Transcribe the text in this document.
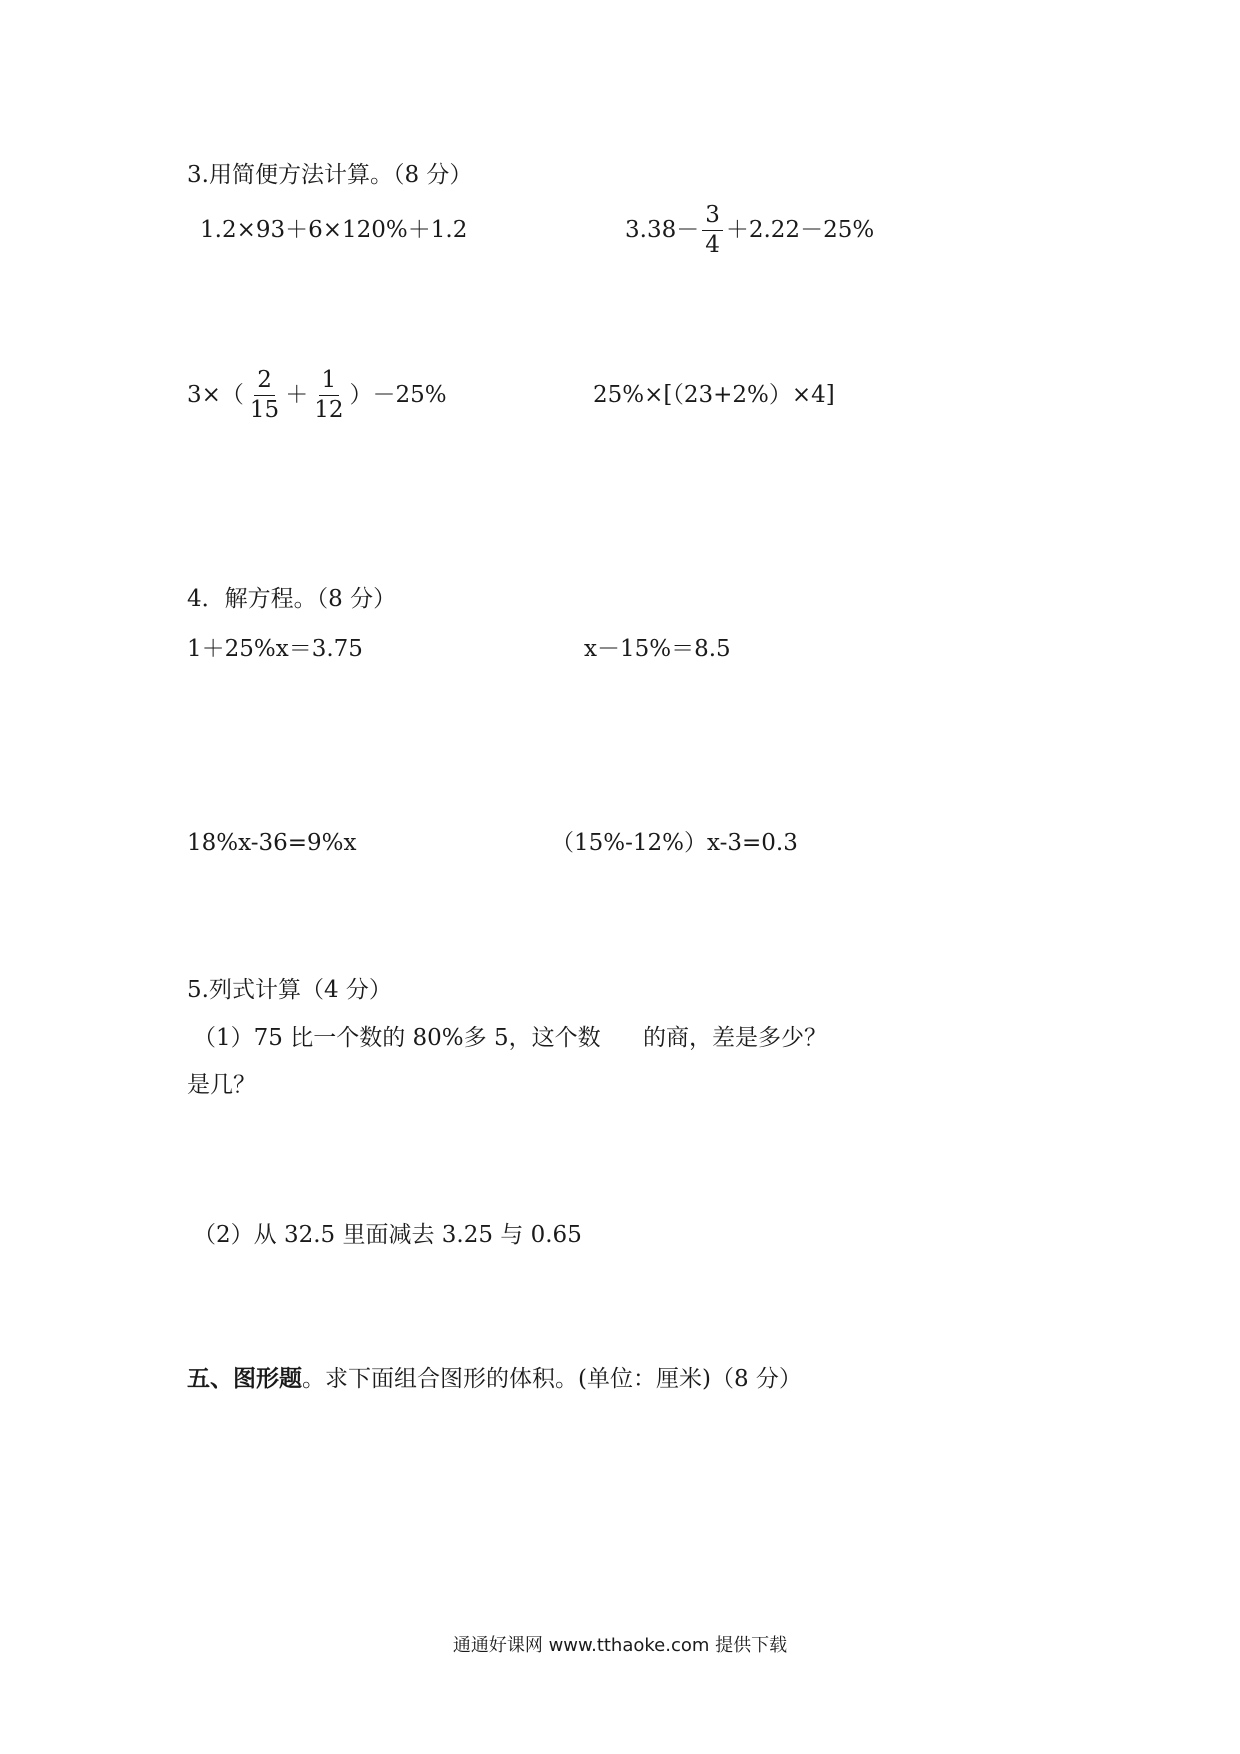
3.用简便方法计算。（8 分）
1.2×93＋6×120%＋1.2	$3.38- \frac{3}{4} +2.22-25\%$
$3\times( \frac{2}{15} + \frac{1}{12} )-25\%$	25%×[（23+2%）×4]
4．解方程。（8 分）
1＋25%x＝3.75	x－15%＝8.5
18%x-36=9%x	（15%-12%）x-3=0.3
5.列式计算（4 分）
（1）75 比一个数的 80%多 5，这个数 的商，差是多少？
是几？
（2）从 32.5 里面减去 3.25 与 0.65
五、图形题。求下面组合图形的体积。(单位：厘米)（8 分）
通通好课网 www.tthaoke.com 提供下载
